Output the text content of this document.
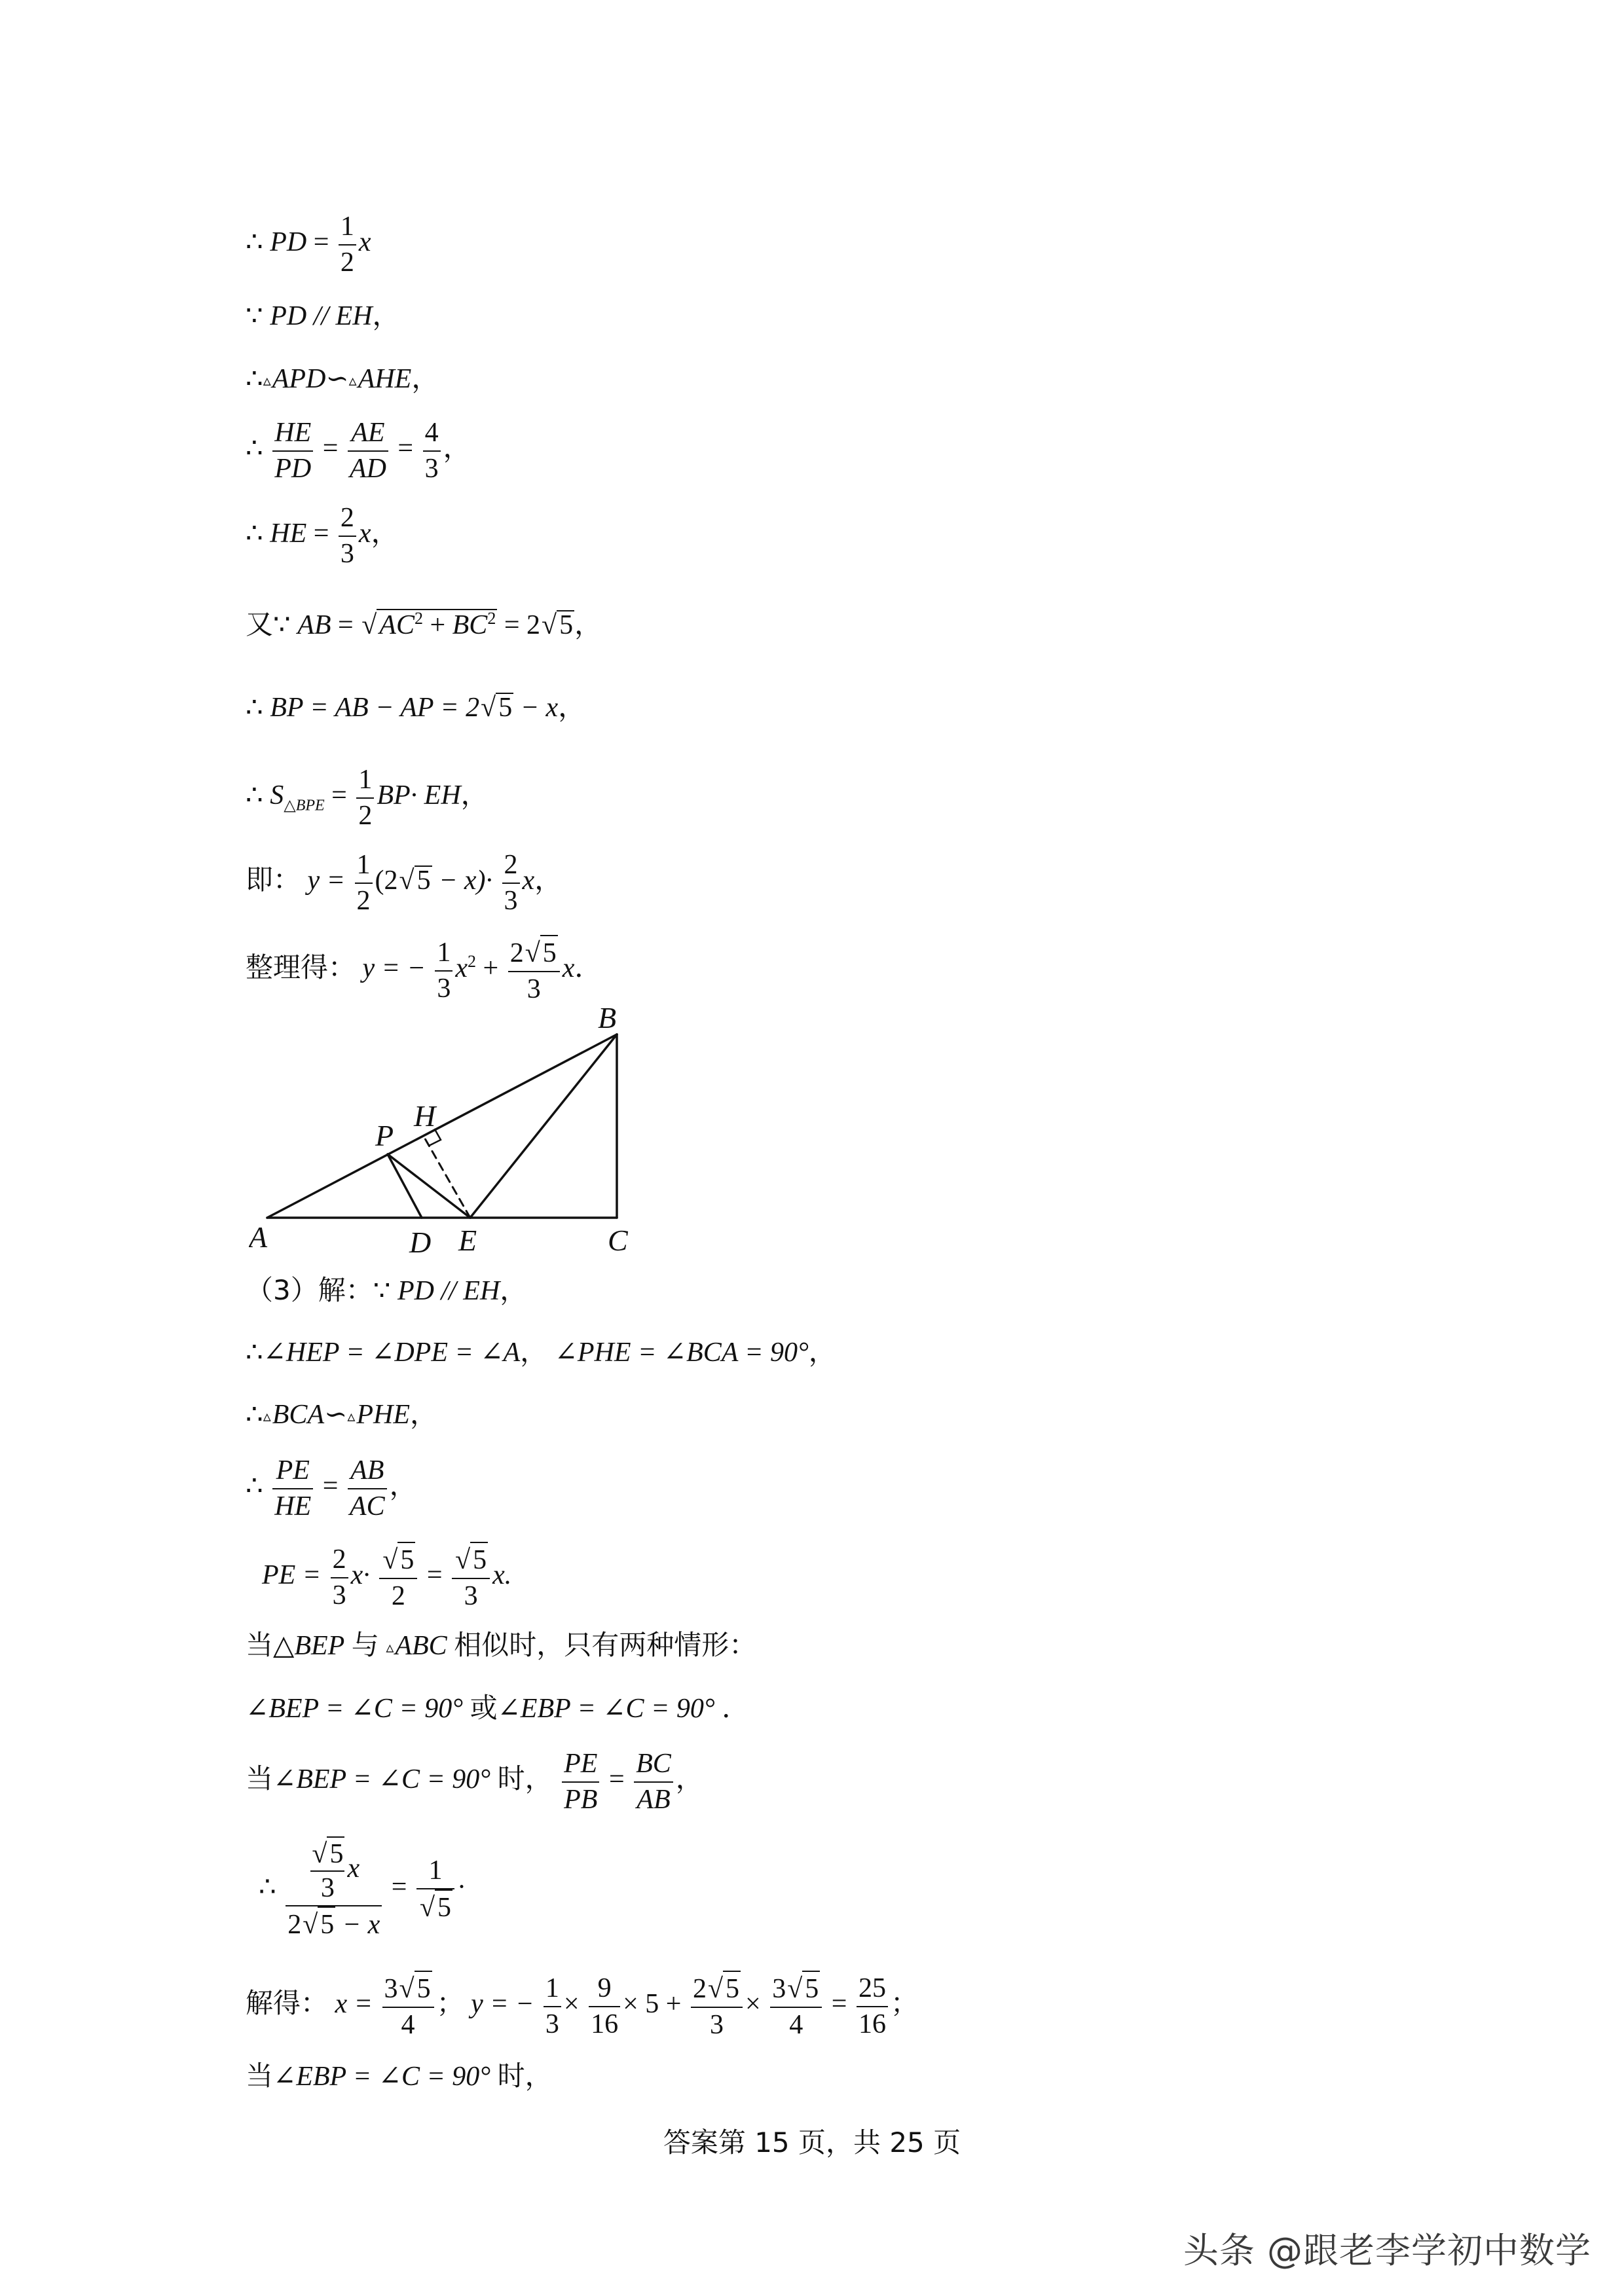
∴ PD = $\frac{1}{2}$ x
∵ PD // EH，
∴▵APD∽▵AHE，
∴ $\frac{HE}{PD} = \frac{AE}{AD} = \frac{4}{3}$ ，
∴ HE = $\frac{2}{3}$ x，
又∵ AB = $√AC^2 + BC^2 = 2√5$，
∴ BP = AB − AP = 2√5 − x，
∴ $S_{\triangle BPE} = \frac{1}{2} BP\cdot$ EH，
即： $y = \frac{1}{2} (2√5 - x)\cdot \frac{2}{3}$ x，
整理得： y = − $\frac{1}{3} x^2 + \frac{2√5}{3}$ x．
A	D E	C
B
P
H
（3）解：∵ PD // EH，
∴∠HEP = ∠DPE = ∠A， ∠PHE = ∠BCA = 90°，
∴▵BCA∽▵PHE，
∴ $\frac{PE}{HE} = \frac{AB}{AC}$ ，
PE = $\frac{2}{3} x\cdot \frac{√5}{2} = \frac{√5}{3} x$.
当△BEP 与 ▵ABC 相似时，只有两种情形：
∠BEP = ∠C = 90° 或∠EBP = ∠C = 90° ．
当∠BEP = ∠C = 90° 时， $\frac{PE}{PB} = \frac{BC}{AB}$ ，
∴ $\frac{\frac{√5}{3} x}{2√5 - x} = \frac{1}{√5}$ ·
解得： $x = \frac{3√5}{4}$ ； y = − $\frac{1}{3} \times \frac{9}{16} \times 5 + \frac{2√5}{3} \times \frac{3√5}{4} = \frac{25}{16}$ ；
当∠EBP = ∠C = 90° 时，
答案第 15 页，共 25 页
头条 @跟老李学初中数学
